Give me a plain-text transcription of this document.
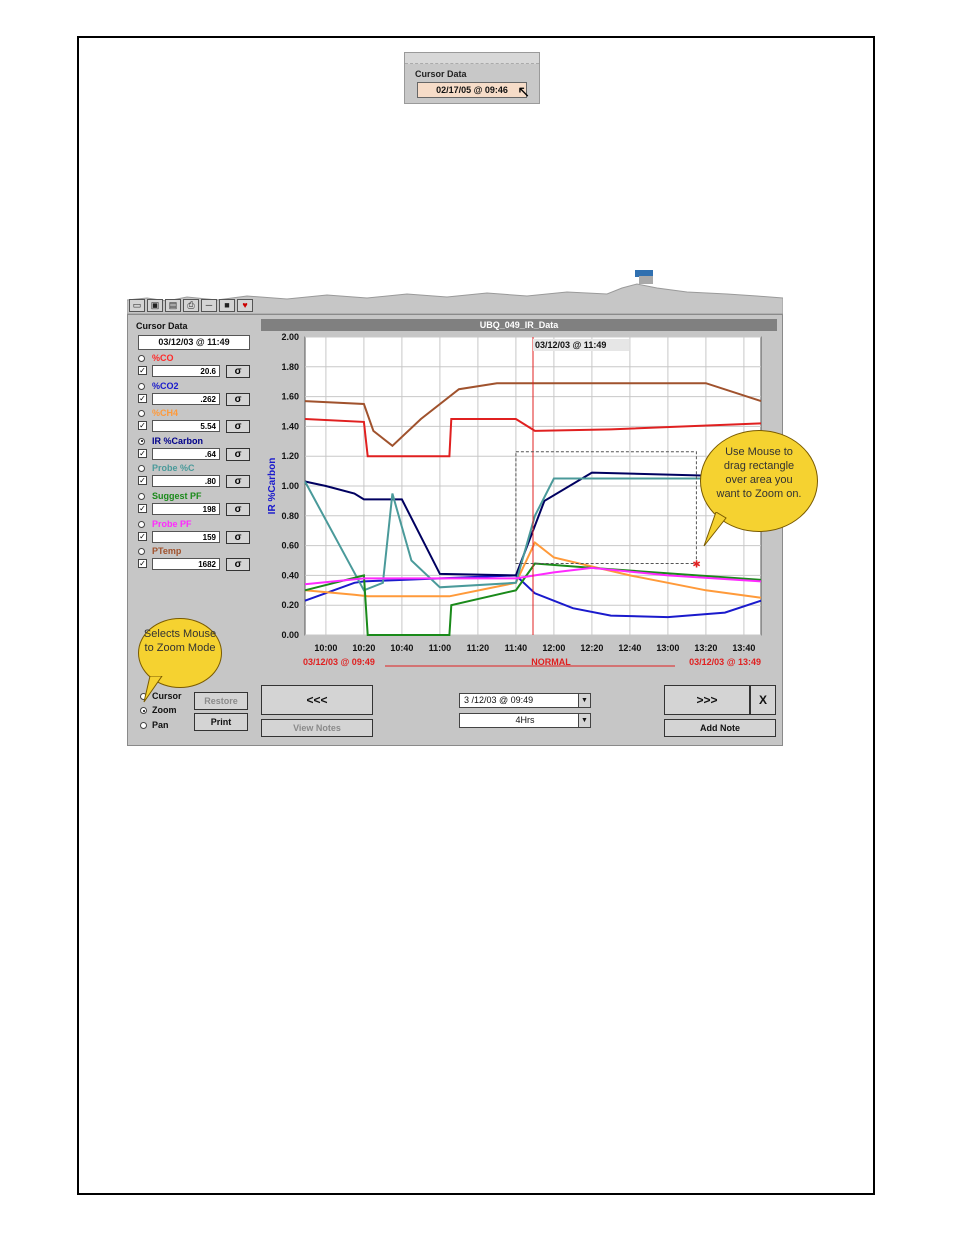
Cursor Data
02/17/05 @ 09:46 ↖
▭	▣	▤	⎙	─	■	♥
Cursor Data
03/12/03 @ 11:49
%CO
✓	20.6	σ
%CO2
✓	.262	σ
%CH4
✓	5.54	σ
IR %Carbon
✓	.64	σ
Probe %C
✓	.80	σ
Suggest PF
✓	198	σ
Probe PF
✓	159	σ
PTemp
✓	1682	σ
Cursor
Zoom
Pan
Restore
Print
UBQ_049_IR_Data
0.00
0.20
0.40
0.60
0.80
1.00
1.20
1.40
1.60
1.80
2.00
10:00 10:20 10:40 11:00 11:20 11:40 12:00 12:20 12:40 13:00 13:20 13:40
IR %Carbon
03/12/03 @ 11:49
✱
03/12/03 @ 09:49	03/12/03 @ 13:49
NORMAL
<<<
View Notes
3 /12/03 @ 09:49	▼
4Hrs	▼
>>>	X
Add Note
Selects Mouse to Zoom Mode
Use Mouse to drag rectangle over area you want to Zoom on.
